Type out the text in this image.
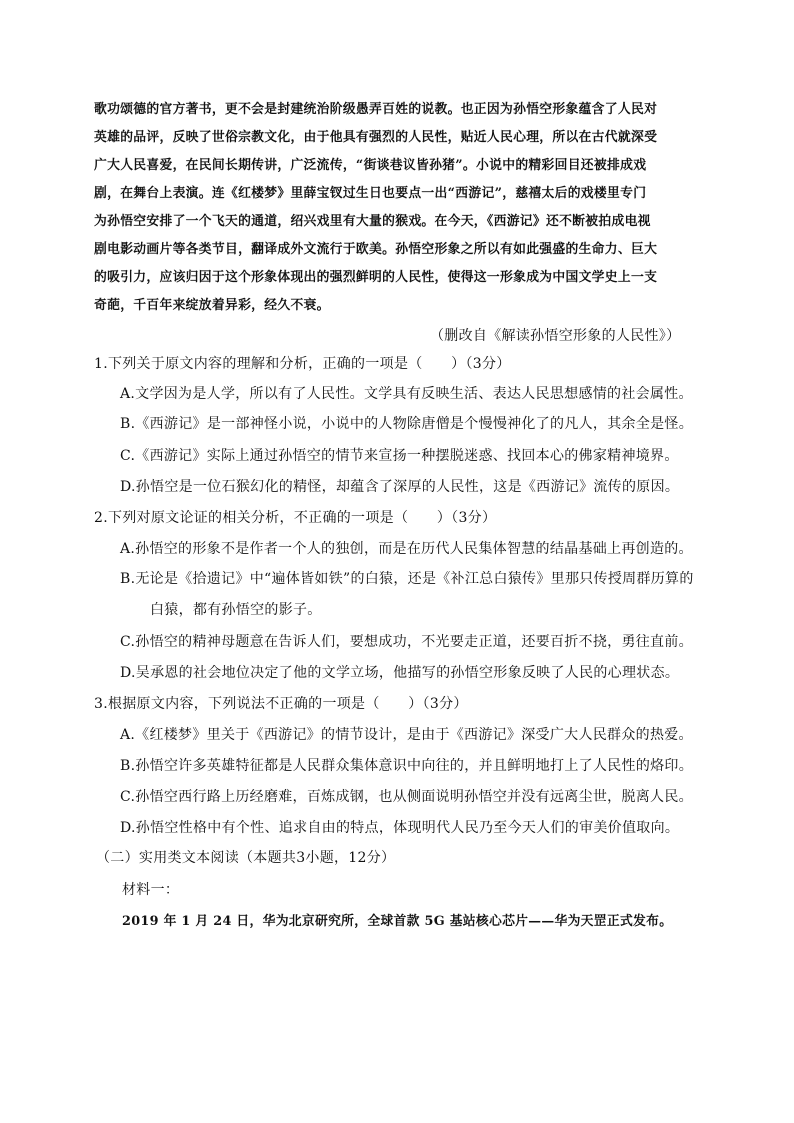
歌功颂德的官方著书，更不会是封建统治阶级愚弄百姓的说教。也正因为孙悟空形象蕴含了人民对
英雄的品评，反映了世俗宗教文化，由于他具有强烈的人民性，贴近人民心理，所以在古代就深受
广大人民喜爱，在民间长期传讲，广泛流传，“街谈巷议皆孙猪”。小说中的精彩回目还被排成戏
剧，在舞台上表演。连《红楼梦》里薛宝钗过生日也要点一出“西游记”，慈禧太后的戏楼里专门
为孙悟空安排了一个飞天的通道，绍兴戏里有大量的猴戏。在今天，《西游记》还不断被拍成电视
剧电影动画片等各类节目，翻译成外文流行于欧美。孙悟空形象之所以有如此强盛的生命力、巨大
的吸引力，应该归因于这个形象体现出的强烈鲜明的人民性，使得这一形象成为中国文学史上一支
奇葩，千百年来绽放着异彩，经久不衰。
（删改自《解读孙悟空形象的人民性》）
1.下列关于原文内容的理解和分析，正确的一项是（　　）（3分）
A.文学因为是人学，所以有了人民性。文学具有反映生活、表达人民思想感情的社会属性。
B.《西游记》是一部神怪小说，小说中的人物除唐僧是个慢慢神化了的凡人，其余全是怪。
C.《西游记》实际上通过孙悟空的情节来宣扬一种摆脱迷惑、找回本心的佛家精神境界。
D.孙悟空是一位石猴幻化的精怪，却蕴含了深厚的人民性，这是《西游记》流传的原因。
2.下列对原文论证的相关分析，不正确的一项是（　　）（3分）
A.孙悟空的形象不是作者一个人的独创，而是在历代人民集体智慧的结晶基础上再创造的。
B.无论是《拾遗记》中“遍体皆如铁”的白猿，还是《补江总白猿传》里那只传授周群历算的
白猿，都有孙悟空的影子。
C.孙悟空的精神母题意在告诉人们，要想成功，不光要走正道，还要百折不挠，勇往直前。
D.吴承恩的社会地位决定了他的文学立场，他描写的孙悟空形象反映了人民的心理状态。
3.根据原文内容，下列说法不正确的一项是（　　）（3分）
A.《红楼梦》里关于《西游记》的情节设计，是由于《西游记》深受广大人民群众的热爱。
B.孙悟空许多英雄特征都是人民群众集体意识中向往的，并且鲜明地打上了人民性的烙印。
C.孙悟空西行路上历经磨难，百炼成钢，也从侧面说明孙悟空并没有远离尘世，脱离人民。
D.孙悟空性格中有个性、追求自由的特点，体现明代人民乃至今天人们的审美价值取向。
（二）实用类文本阅读（本题共3小题，12分）
材料一：
2019 年 1 月 24 日，华为北京研究所，全球首款 5G 基站核心芯片——华为天罡正式发布。
